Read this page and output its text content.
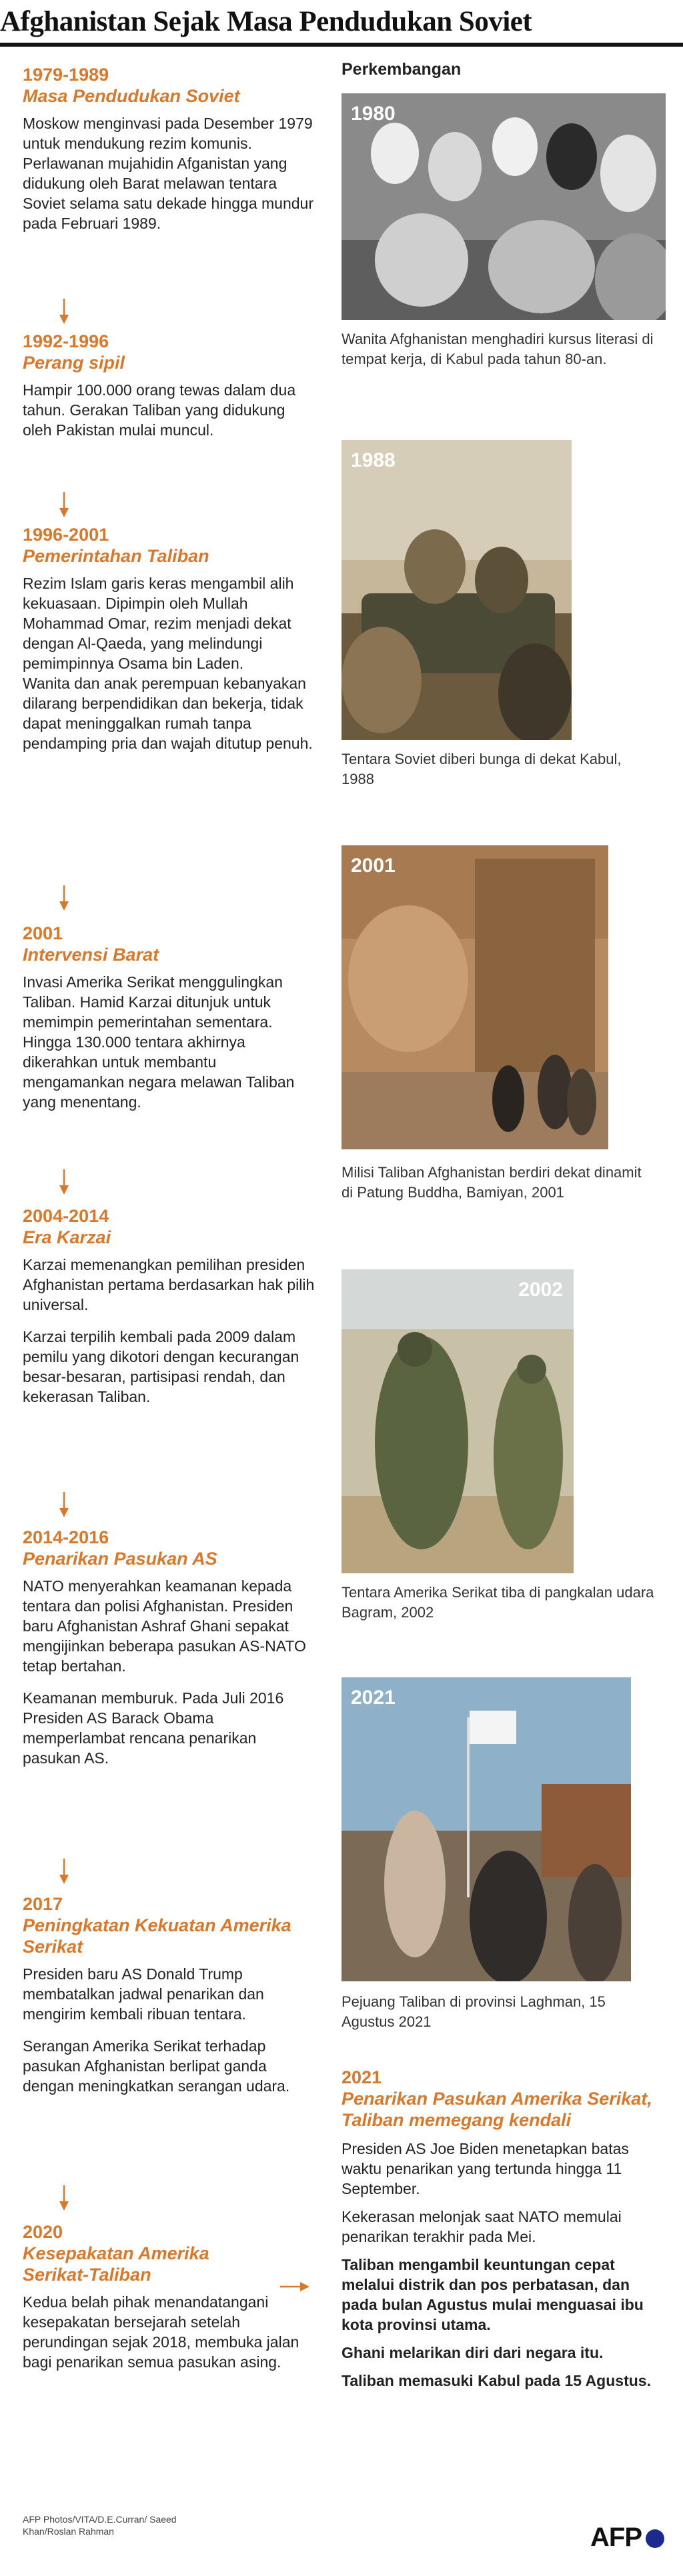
Afghanistan Sejak Masa Pendudukan Soviet
Perkembangan
1979-1989
Masa Pendudukan Soviet

Moskow menginvasi pada Desember 1979 untuk mendukung rezim komunis. Perlawanan mujahidin Afganistan yang didukung oleh Barat melawan tentara Soviet selama satu dekade hingga mundur pada Februari 1989.

1992-1996
Perang sipil

Hampir 100.000 orang tewas dalam dua tahun. Gerakan Taliban yang didukung oleh Pakistan mulai muncul.

1996-2001
Pemerintahan Taliban

Rezim Islam garis keras mengambil alih kekuasaan. Dipimpin oleh Mullah Mohammad Omar, rezim menjadi dekat dengan Al-Qaeda, yang melindungi pemimpinnya Osama bin Laden.

Wanita dan anak perempuan kebanyakan dilarang berpendidikan dan bekerja, tidak dapat meninggalkan rumah tanpa pendamping pria dan wajah ditutup penuh.

2001
Intervensi Barat

Invasi Amerika Serikat menggulingkan Taliban. Hamid Karzai ditunjuk untuk memimpin pemerintahan sementara. Hingga 130.000 tentara akhirnya dikerahkan untuk membantu mengamankan negara melawan Taliban yang menentang.

2004-2014
Era Karzai

Karzai memenangkan pemilihan presiden Afghanistan pertama berdasarkan hak pilih universal.

Karzai terpilih kembali pada 2009 dalam pemilu yang dikotori dengan kecurangan besar-besaran, partisipasi rendah, dan kekerasan Taliban.

2014-2016
Penarikan Pasukan AS

NATO menyerahkan keamanan kepada tentara dan polisi Afghanistan. Presiden baru Afghanistan Ashraf Ghani sepakat mengijinkan beberapa pasukan AS-NATO tetap bertahan.

Keamanan memburuk. Pada Juli 2016 Presiden AS Barack Obama memperlambat rencana penarikan pasukan AS.

2017
Peningkatan Kekuatan Amerika Serikat

Presiden baru AS Donald Trump membatalkan jadwal penarikan dan mengirim kembali ribuan tentara.

Serangan Amerika Serikat terhadap pasukan Afghanistan berlipat ganda dengan meningkatkan serangan udara.

2020
Kesepakatan Amerika Serikat-Taliban

Kedua belah pihak menandatangani kesepakatan bersejarah setelah perundingan sejak 2018, membuka jalan bagi penarikan semua pasukan asing.

1980
Wanita Afghanistan menghadiri kursus literasi di tempat kerja, di Kabul pada tahun 80-an.
1988
Tentara Soviet diberi bunga di dekat Kabul, 1988
2001
Milisi Taliban Afghanistan berdiri dekat dinamit di Patung Buddha, Bamiyan, 2001
2002
Tentara Amerika Serikat tiba di pangkalan udara Bagram, 2002
2021
Pejuang Taliban di provinsi Laghman, 15 Agustus 2021
2021
Penarikan Pasukan Amerika Serikat, Taliban memegang kendali

Presiden AS Joe Biden menetapkan batas waktu penarikan yang tertunda hingga 11 September.

Kekerasan melonjak saat NATO memulai penarikan terakhir pada Mei.

Taliban mengambil keuntungan cepat melalui distrik dan pos perbatasan, dan pada bulan Agustus mulai menguasai ibu kota provinsi utama.

Ghani melarikan diri dari negara itu.

Taliban memasuki Kabul pada 15 Agustus.

AFP Photos/VITA/D.E.Curran/ Saeed Khan/Roslan Rahman	AFP
